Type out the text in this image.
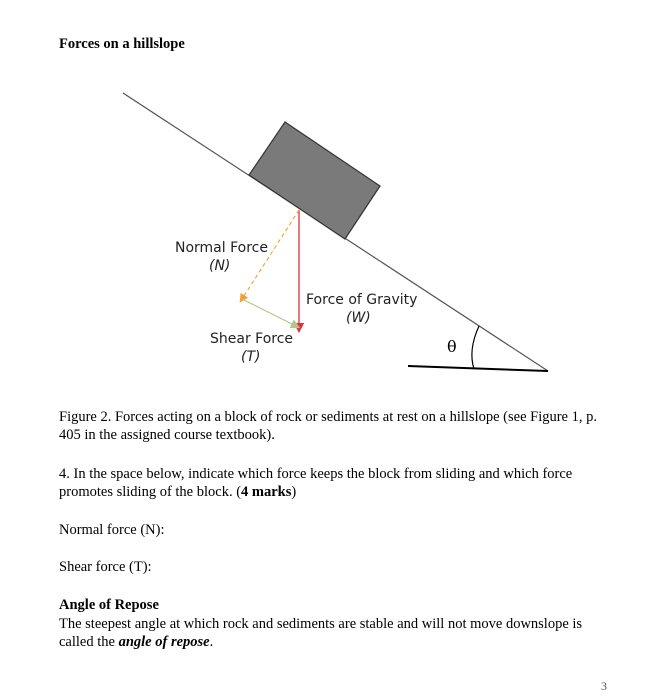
Forces on a hillslope
θ
Normal Force
(N)
Force of Gravity
(W)
Shear Force
(T)
Figure 2. Forces acting on a block of rock or sediments at rest on a hillslope (see Figure 1, p. 405 in the assigned course textbook).
4. In the space below, indicate which force keeps the block from sliding and which force promotes sliding of the block. (4 marks)
Normal force (N):
Shear force (T):
Angle of Repose
The steepest angle at which rock and sediments are stable and will not move downslope is called the angle of repose.
3
